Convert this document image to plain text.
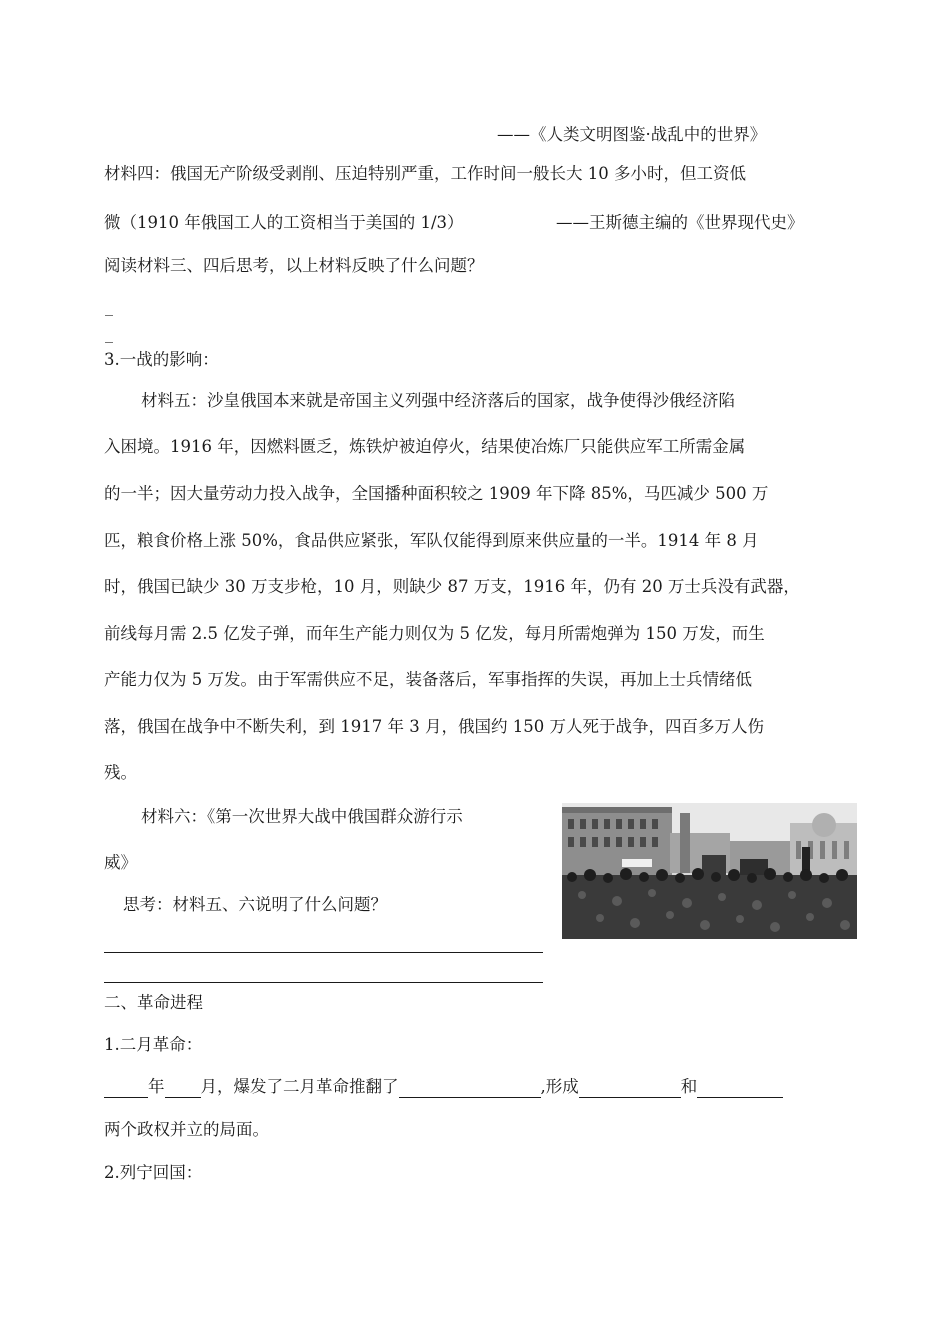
——《人类文明图鉴·战乱中的世界》
材料四：俄国无产阶级受剥削、压迫特别严重，工作时间一般长大 10 多小时，但工资低
微（1910 年俄国工人的工资相当于美国的 1/3）	——王斯德主编的《世界现代史》
阅读材料三、四后思考，以上材料反映了什么问题？
_
_
3.一战的影响：
材料五：沙皇俄国本来就是帝国主义列强中经济落后的国家，战争使得沙俄经济陷
入困境。1916 年，因燃料匮乏，炼铁炉被迫停火，结果使冶炼厂只能供应军工所需金属
的一半；因大量劳动力投入战争，全国播种面积较之 1909 年下降 85%，马匹减少 500 万
匹，粮食价格上涨 50%，食品供应紧张，军队仅能得到原来供应量的一半。1914 年 8 月
时，俄国已缺少 30 万支步枪，10 月，则缺少 87 万支，1916 年，仍有 20 万士兵没有武器，
前线每月需 2.5 亿发子弹，而年生产能力则仅为 5 亿发，每月所需炮弹为 150 万发，而生
产能力仅为 5 万发。由于军需供应不足，装备落后，军事指挥的失误，再加上士兵情绪低
落，俄国在战争中不断失利，到 1917 年 3 月，俄国约 150 万人死于战争，四百多万人伤
残。
材料六：《第一次世界大战中俄国群众游行示
威》
思考：材料五、六说明了什么问题？
二、革命进程
1.二月革命：
年 月，爆发了二月革命推翻了	,形成	和
两个政权并立的局面。
2.列宁回国：
